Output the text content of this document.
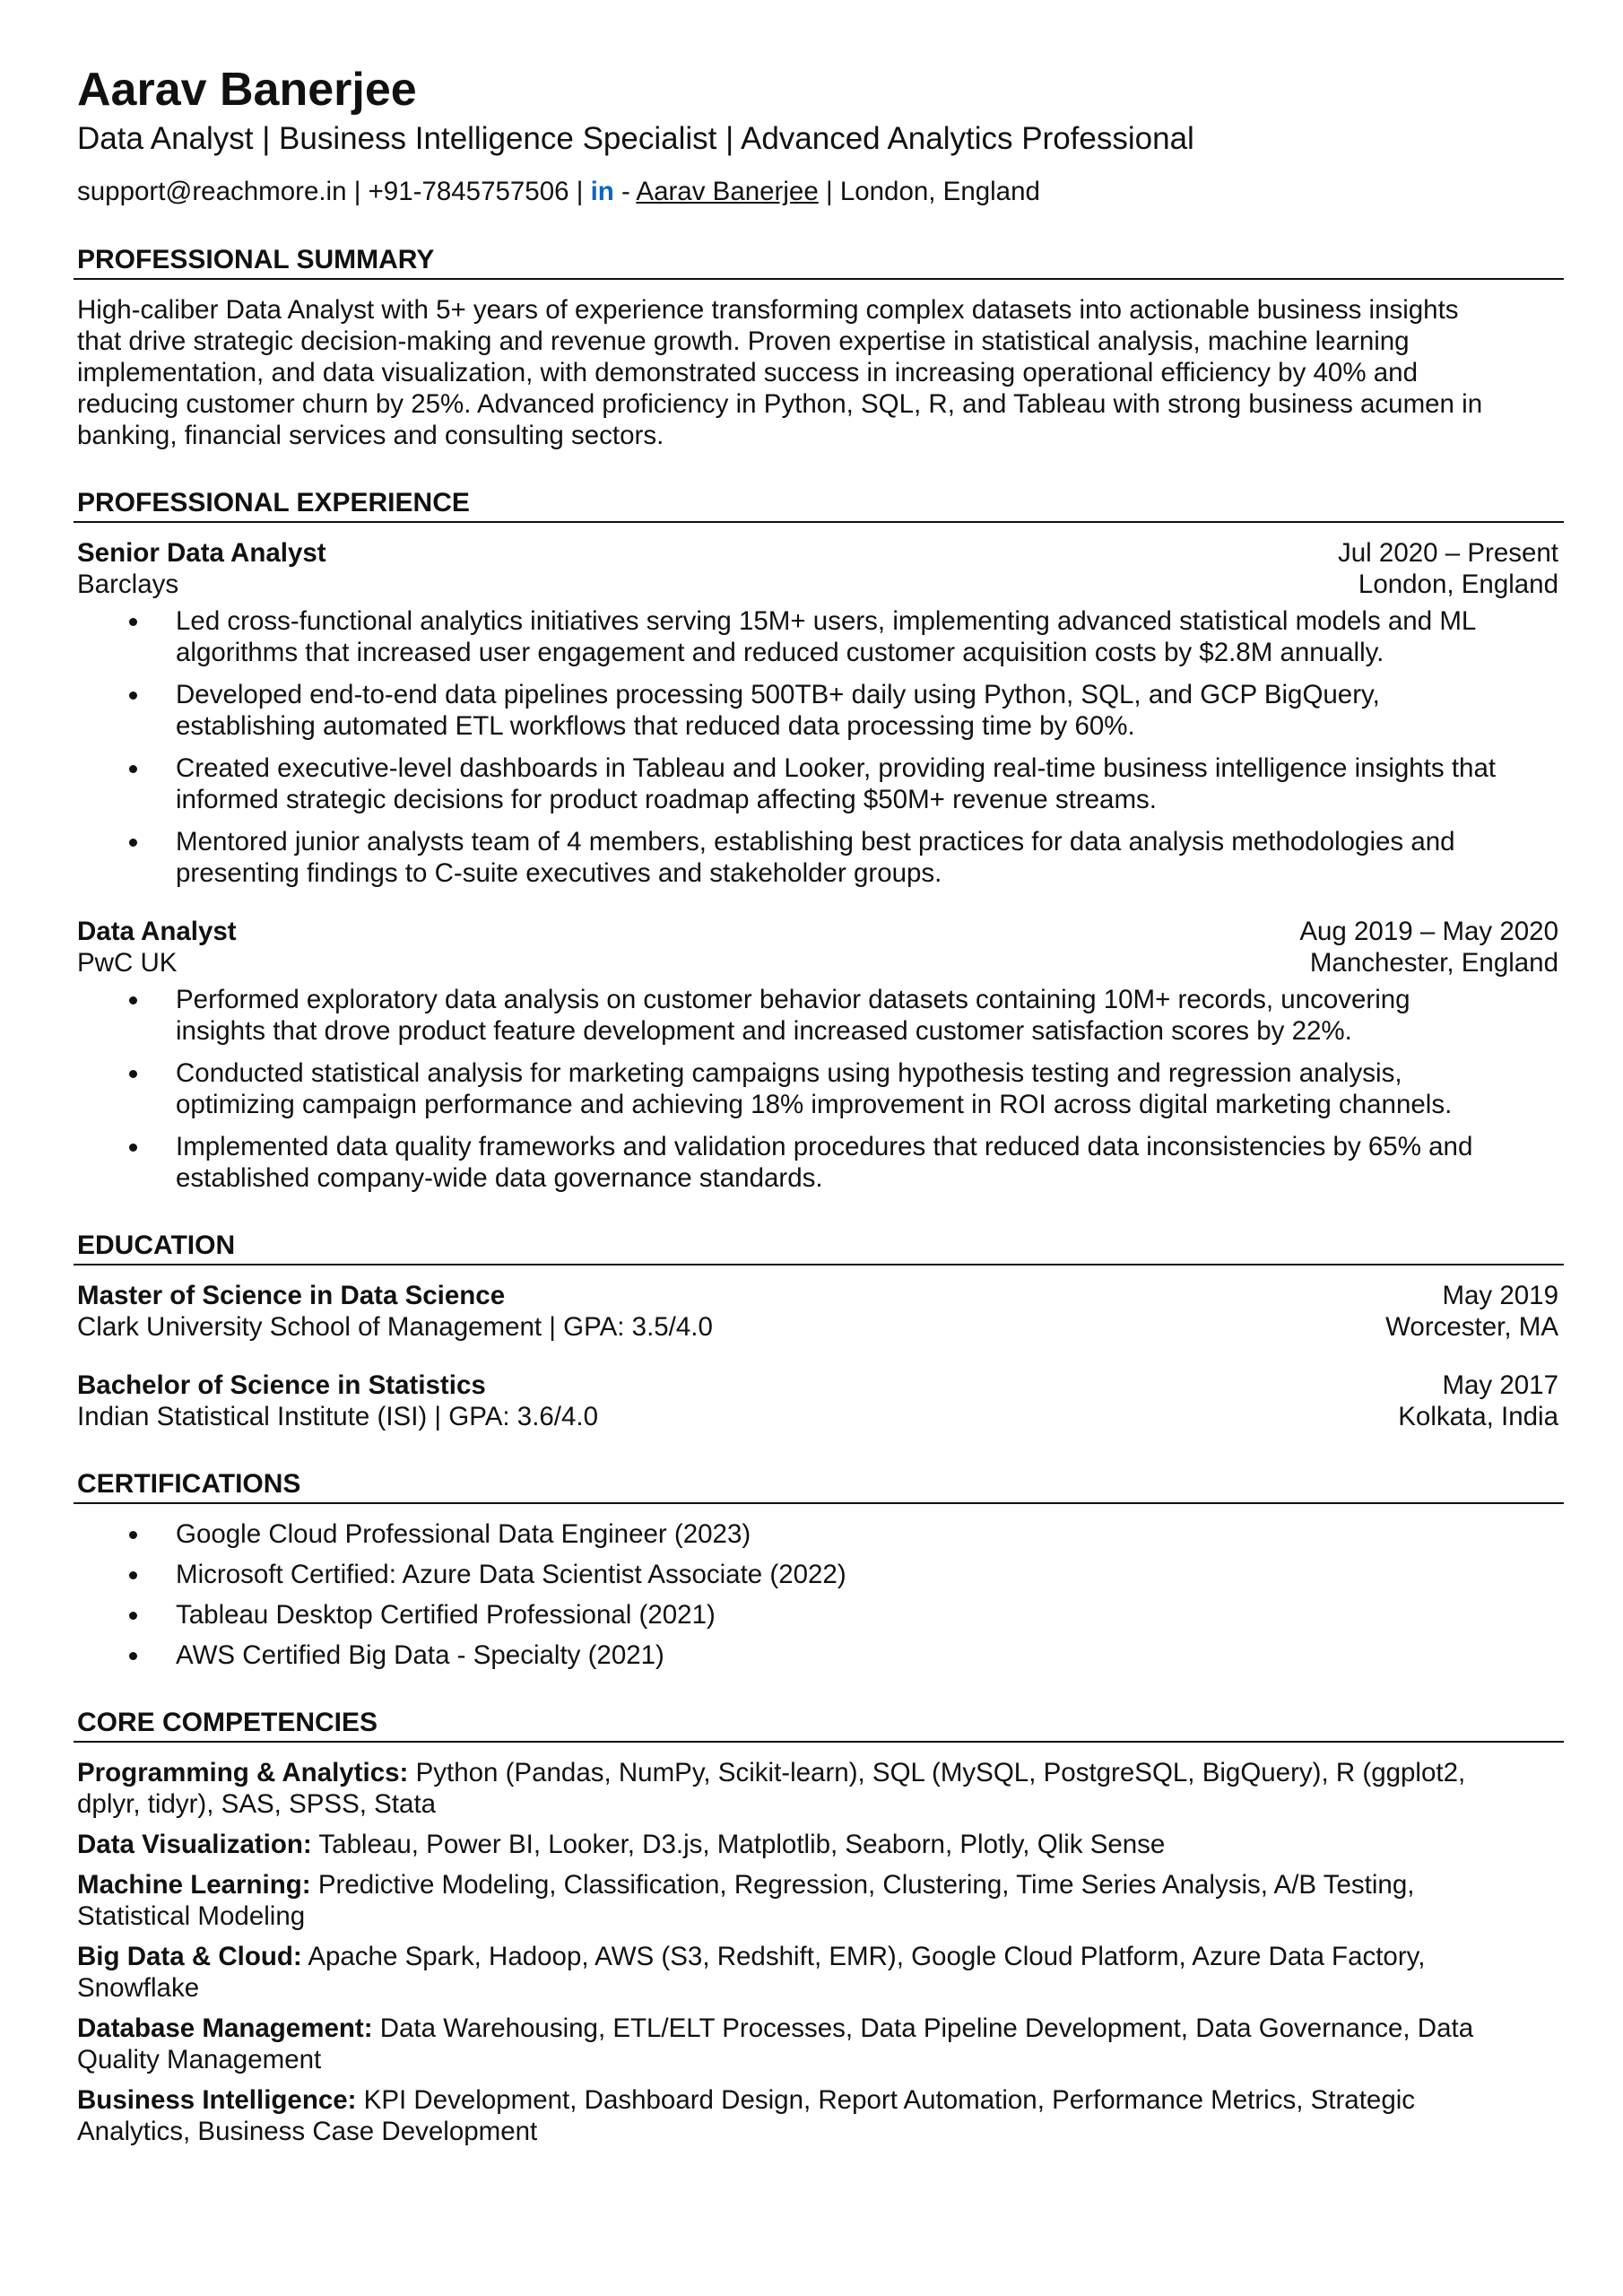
Aarav Banerjee
Data Analyst | Business Intelligence Specialist | Advanced Analytics Professional
support@reachmore.in | +91-7845757506 | in - Aarav Banerjee | London, England
PROFESSIONAL SUMMARY
High-caliber Data Analyst with 5+ years of experience transforming complex datasets into actionable business insights
that drive strategic decision-making and revenue growth. Proven expertise in statistical analysis, machine learning
implementation, and data visualization, with demonstrated success in increasing operational efficiency by 40% and
reducing customer churn by 25%. Advanced proficiency in Python, SQL, R, and Tableau with strong business acumen in
banking, financial services and consulting sectors.
PROFESSIONAL EXPERIENCE
Senior Data Analyst	Jul 2020 – Present
Barclays	London, England
Led cross-functional analytics initiatives serving 15M+ users, implementing advanced statistical models and ML
algorithms that increased user engagement and reduced customer acquisition costs by $2.8M annually.
Developed end-to-end data pipelines processing 500TB+ daily using Python, SQL, and GCP BigQuery,
establishing automated ETL workflows that reduced data processing time by 60%.
Created executive-level dashboards in Tableau and Looker, providing real-time business intelligence insights that
informed strategic decisions for product roadmap affecting $50M+ revenue streams.
Mentored junior analysts team of 4 members, establishing best practices for data analysis methodologies and
presenting findings to C-suite executives and stakeholder groups.
Data Analyst	Aug 2019 – May 2020
PwC UK	Manchester, England
Performed exploratory data analysis on customer behavior datasets containing 10M+ records, uncovering
insights that drove product feature development and increased customer satisfaction scores by 22%.
Conducted statistical analysis for marketing campaigns using hypothesis testing and regression analysis,
optimizing campaign performance and achieving 18% improvement in ROI across digital marketing channels.
Implemented data quality frameworks and validation procedures that reduced data inconsistencies by 65% and
established company-wide data governance standards.
EDUCATION
Master of Science in Data Science	May 2019
Clark University School of Management | GPA: 3.5/4.0	Worcester, MA
Bachelor of Science in Statistics	May 2017
Indian Statistical Institute (ISI) | GPA: 3.6/4.0	Kolkata, India
CERTIFICATIONS
Google Cloud Professional Data Engineer (2023)
Microsoft Certified: Azure Data Scientist Associate (2022)
Tableau Desktop Certified Professional (2021)
AWS Certified Big Data - Specialty (2021)
CORE COMPETENCIES
Programming & Analytics: Python (Pandas, NumPy, Scikit-learn), SQL (MySQL, PostgreSQL, BigQuery), R (ggplot2,
dplyr, tidyr), SAS, SPSS, Stata
Data Visualization: Tableau, Power BI, Looker, D3.js, Matplotlib, Seaborn, Plotly, Qlik Sense
Machine Learning: Predictive Modeling, Classification, Regression, Clustering, Time Series Analysis, A/B Testing,
Statistical Modeling
Big Data & Cloud: Apache Spark, Hadoop, AWS (S3, Redshift, EMR), Google Cloud Platform, Azure Data Factory,
Snowflake
Database Management: Data Warehousing, ETL/ELT Processes, Data Pipeline Development, Data Governance, Data
Quality Management
Business Intelligence: KPI Development, Dashboard Design, Report Automation, Performance Metrics, Strategic
Analytics, Business Case Development
